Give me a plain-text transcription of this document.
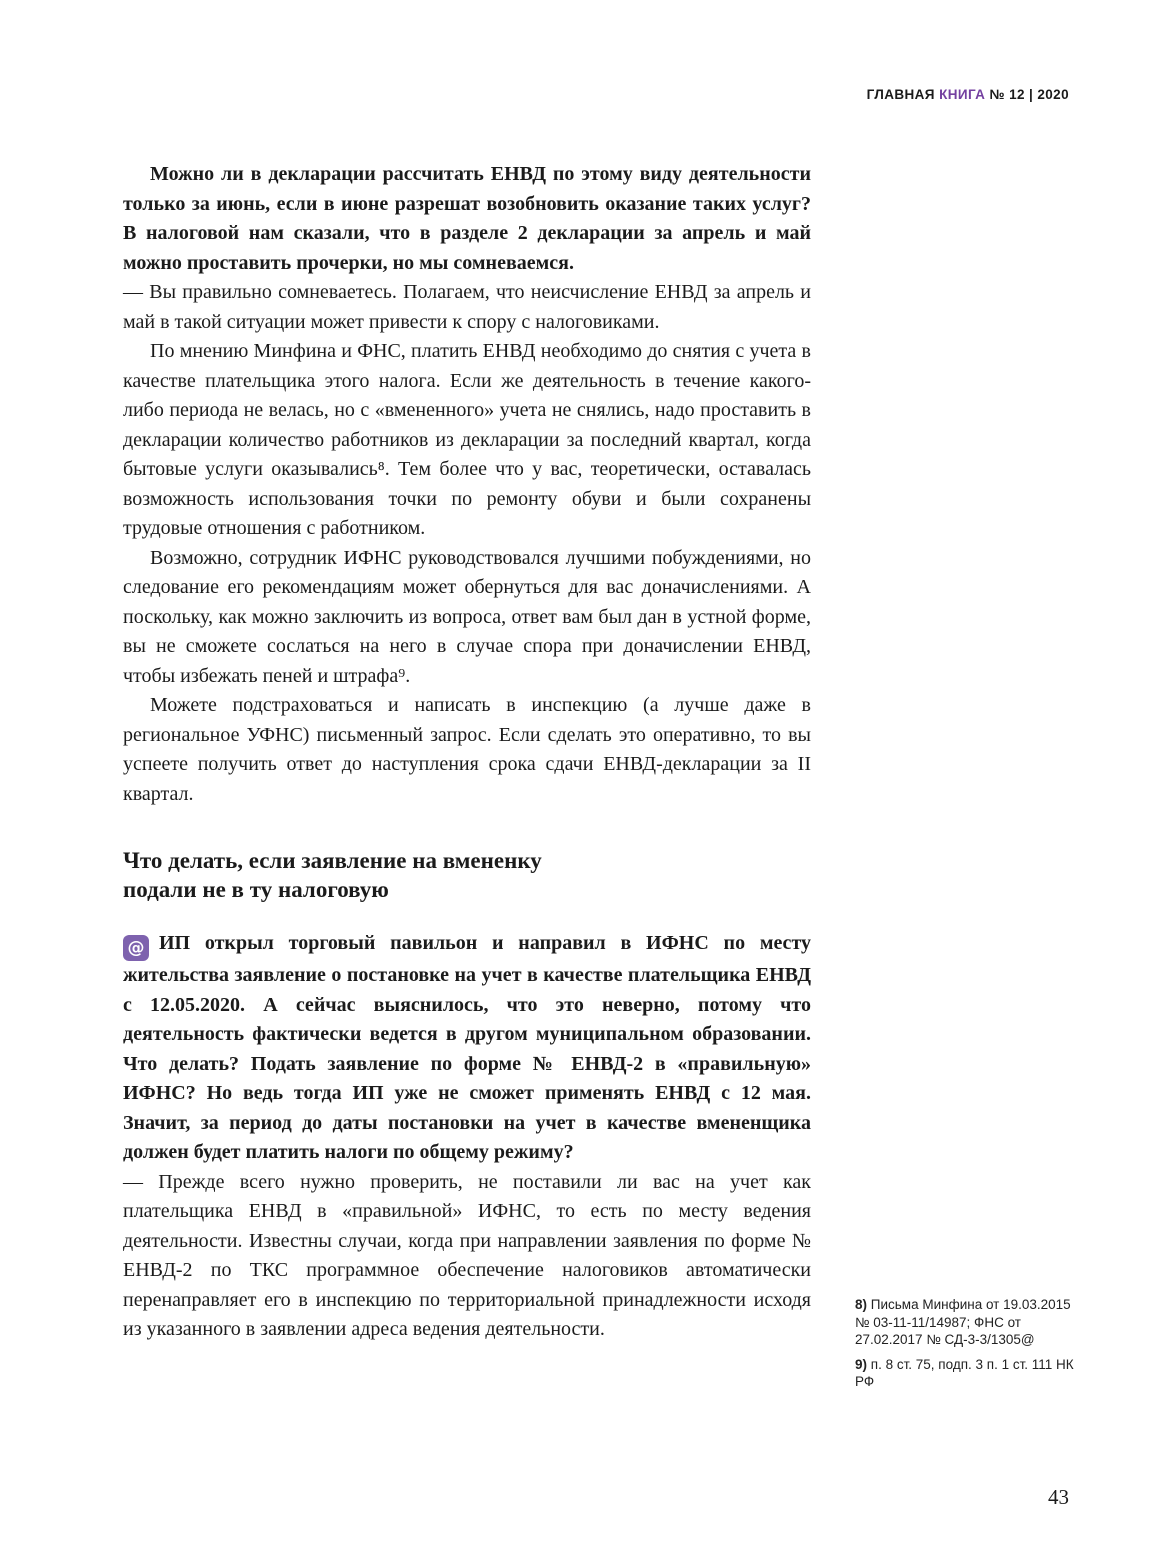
ГЛАВНАЯ КНИГА № 12 | 2020

Можно ли в декларации рассчитать ЕНВД по этому виду деятельности только за июнь, если в июне разрешат возобновить оказание таких услуг? В налоговой нам сказали, что в разделе 2 декларации за апрель и май можно проставить прочерки, но мы сомневаемся.

— Вы правильно сомневаетесь. Полагаем, что неисчисление ЕНВД за апрель и май в такой ситуации может привести к спору с налоговиками.

По мнению Минфина и ФНС, платить ЕНВД необходимо до снятия с учета в качестве плательщика этого налога. Если же деятельность в течение какого-либо периода не велась, но с «вмененного» учета не снялись, надо проставить в декларации количество работников из декларации за последний квартал, когда бытовые услуги оказывались⁸. Тем более что у вас, теоретически, оставалась возможность использования точки по ремонту обуви и были сохранены трудовые отношения с работником.

Возможно, сотрудник ИФНС руководствовался лучшими побуждениями, но следование его рекомендациям может обернуться для вас доначислениями. А поскольку, как можно заключить из вопроса, ответ вам был дан в устной форме, вы не сможете сослаться на него в случае спора при доначислении ЕНВД, чтобы избежать пеней и штрафа⁹.

Можете подстраховаться и написать в инспекцию (а лучше даже в региональное УФНС) письменный запрос. Если сделать это оперативно, то вы успеете получить ответ до наступления срока сдачи ЕНВД-декларации за II квартал.

Что делать, если заявление на вмененку
подали не в ту налоговую

@ ИП открыл торговый павильон и направил в ИФНС по месту жительства заявление о постановке на учет в качестве плательщика ЕНВД с 12.05.2020. А сейчас выяснилось, что это неверно, потому что деятельность фактически ведется в другом муниципальном образовании. Что делать? Подать заявление по форме № ЕНВД-2 в «правильную» ИФНС? Но ведь тогда ИП уже не сможет применять ЕНВД с 12 мая. Значит, за период до даты постановки на учет в качестве вмененщика должен будет платить налоги по общему режиму?

— Прежде всего нужно проверить, не поставили ли вас на учет как плательщика ЕНВД в «правильной» ИФНС, то есть по месту ведения деятельности. Известны случаи, когда при направлении заявления по форме № ЕНВД-2 по ТКС программное обеспечение налоговиков автоматически перенаправляет его в инспекцию по территориальной принадлежности исходя из указанного в заявлении адреса ведения деятельности.

8) Письма Минфина от 19.03.2015 № 03-11-11/14987; ФНС от 27.02.2017 № СД-3-3/1305@

9) п. 8 ст. 75, подп. 3 п. 1 ст. 111 НК РФ

43
